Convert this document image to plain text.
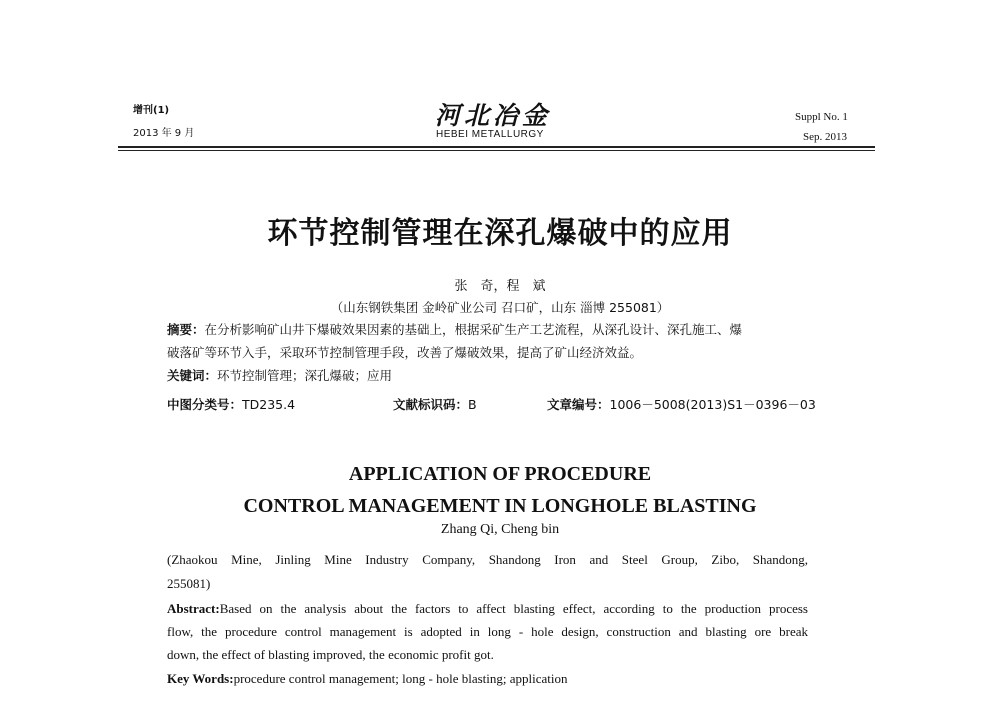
增刊(1)
2013 年 9 月
河北冶金
HEBEI METALLURGY
Suppl No. 1
Sep. 2013
环节控制管理在深孔爆破中的应用
张　奇，程　斌
（山东钢铁集团 金岭矿业公司 召口矿，山东 淄博 255081）
摘要：在分析影响矿山井下爆破效果因素的基础上，根据采矿生产工艺流程，从深孔设计、深孔施工、爆
破落矿等环节入手，采取环节控制管理手段，改善了爆破效果，提高了矿山经济效益。
关键词：环节控制管理；深孔爆破；应用
中图分类号：TD235.4	文献标识码：B	文章编号：1006－5008(2013)S1－0396－03
APPLICATION OF PROCEDURE
CONTROL MANAGEMENT IN LONGHOLE BLASTING
Zhang Qi, Cheng bin
(Zhaokou Mine, Jinling Mine Industry Company, Shandong Iron and Steel Group, Zibo, Shandong,
255081)
Abstract:Based on the analysis about the factors to affect blasting effect, according to the production process
flow, the procedure control management is adopted in long - hole design, construction and blasting ore break
down, the effect of blasting improved, the economic profit got.
Key Words:procedure control management; long - hole blasting; application
